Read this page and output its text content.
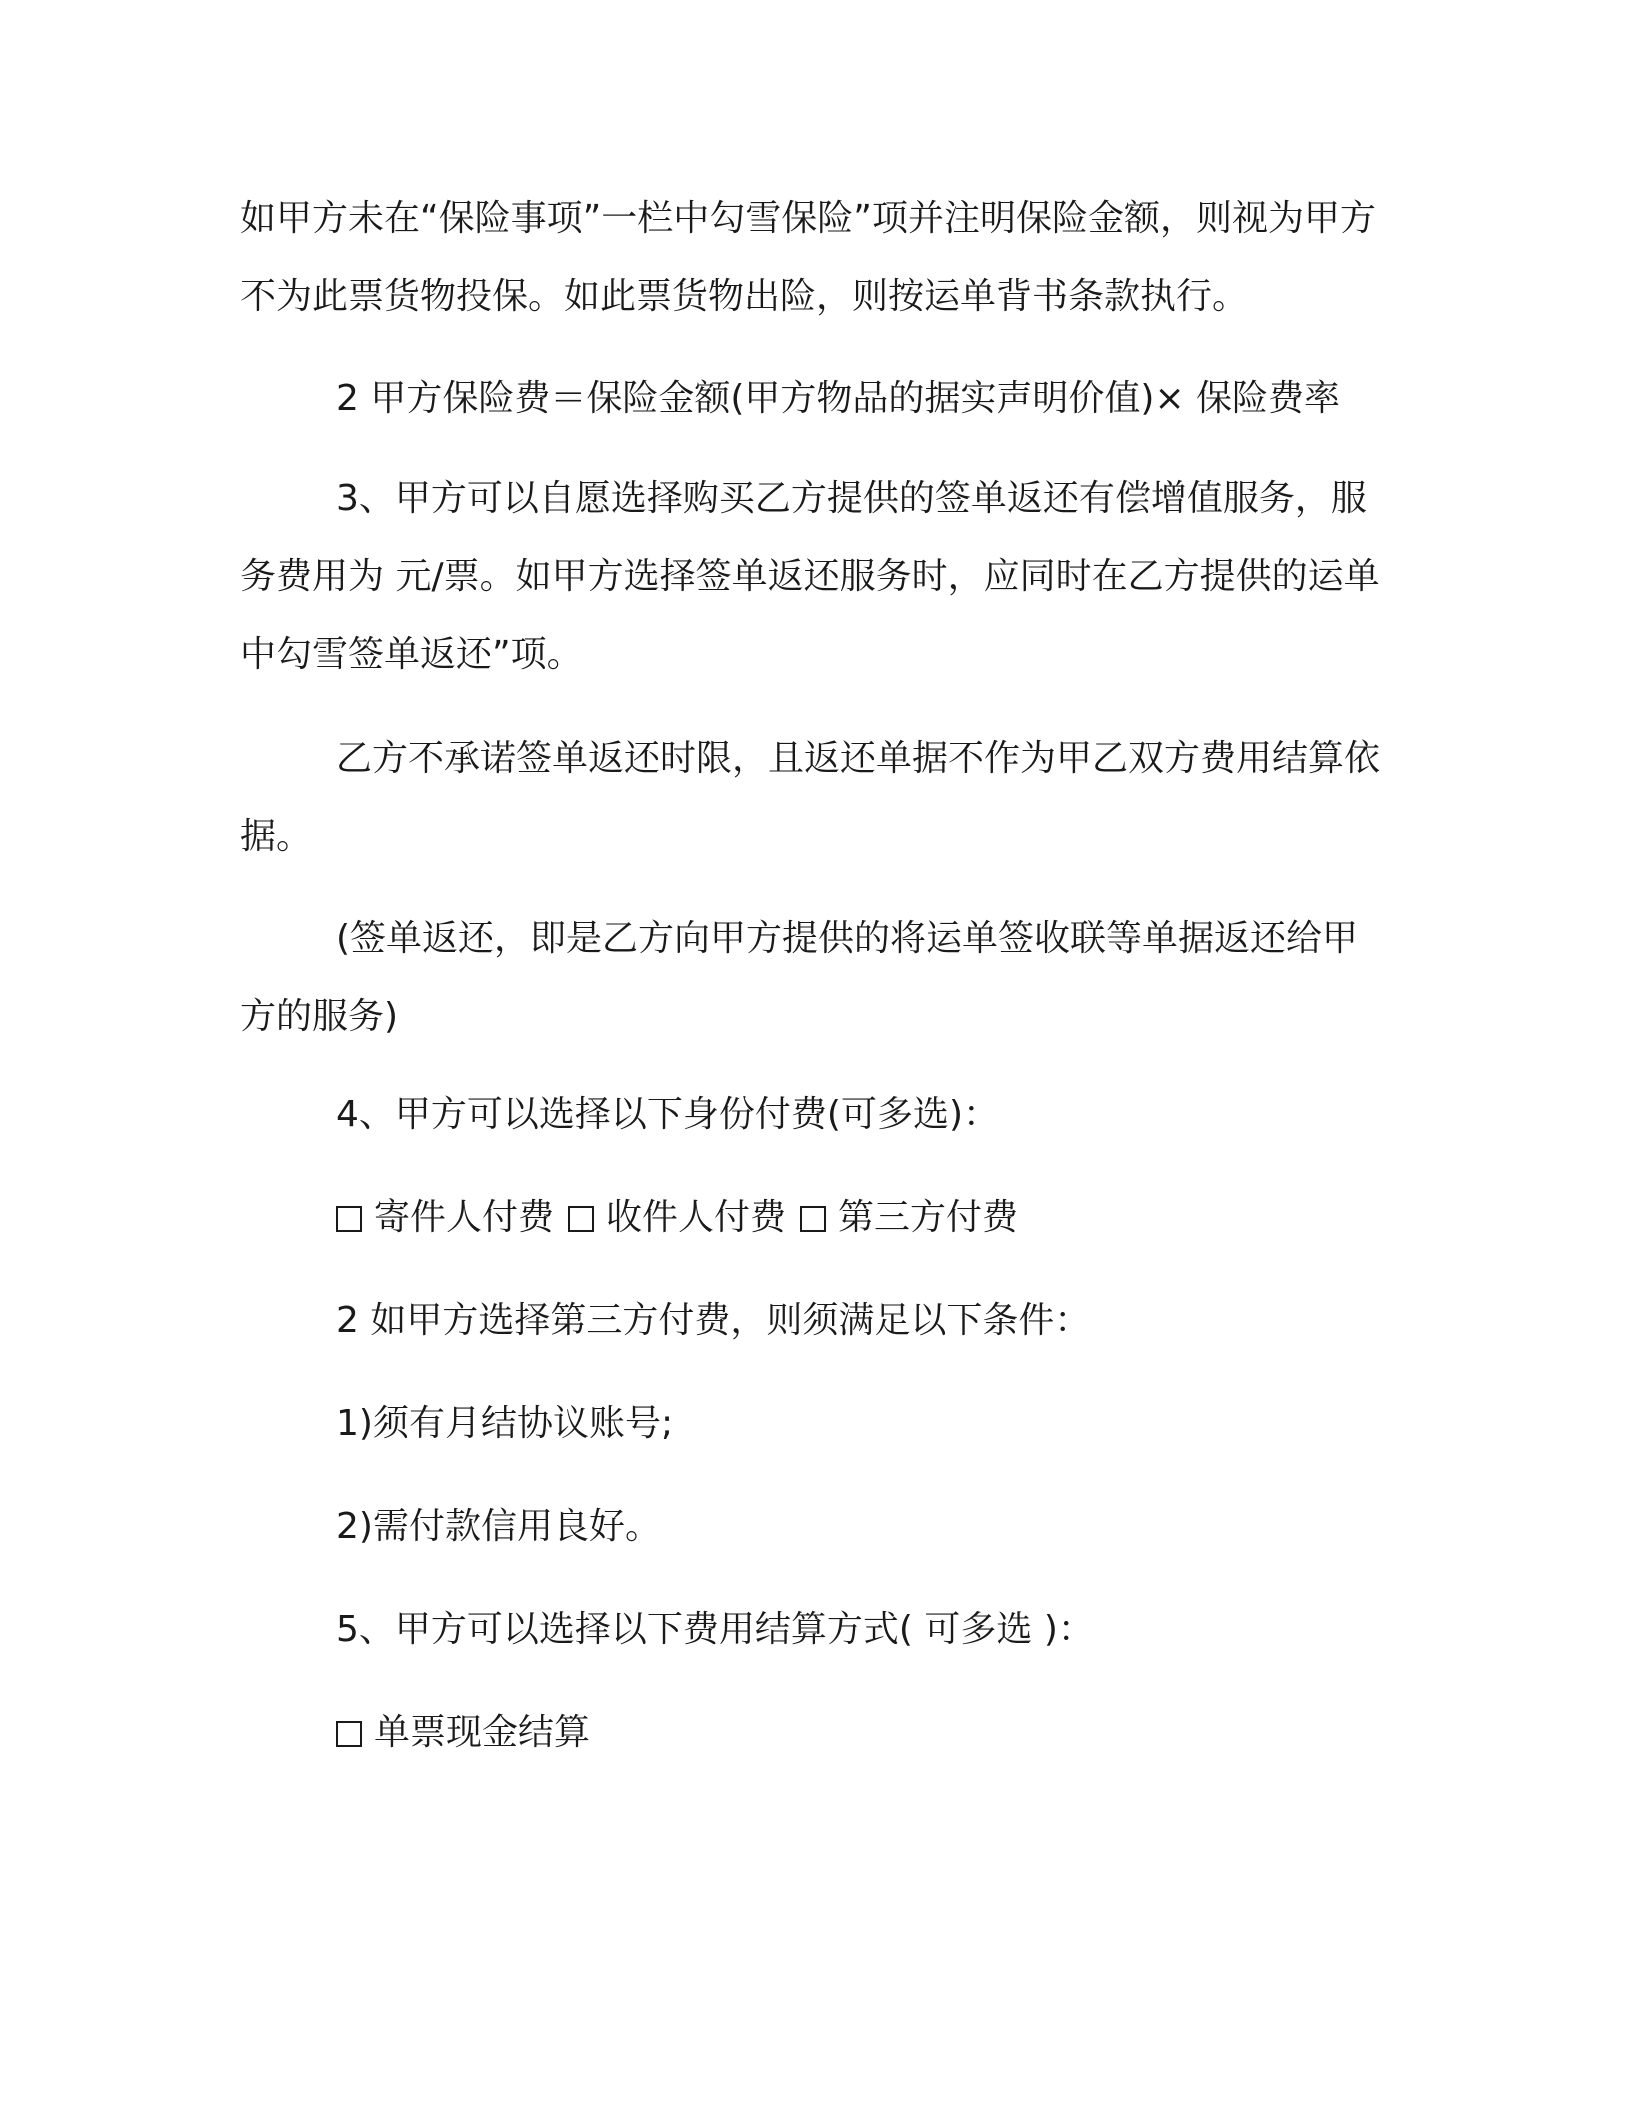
如甲方未在“保险事项”一栏中勾雪保险”项并注明保险金额，则视为甲方不为此票货物投保。如此票货物出险，则按运单背书条款执行。

2 甲方保险费＝保险金额(甲方物品的据实声明价值)× 保险费率

3、甲方可以自愿选择购买乙方提供的签单返还有偿增值服务，服务费用为 元/票。如甲方选择签单返还服务时，应同时在乙方提供的运单中勾雪签单返还”项。

乙方不承诺签单返还时限，且返还单据不作为甲乙双方费用结算依据。

(签单返还，即是乙方向甲方提供的将运单签收联等单据返还给甲方的服务)

4、甲方可以选择以下身份付费(可多选)：

寄件人付费 收件人付费 第三方付费

2 如甲方选择第三方付费，则须满足以下条件：

1)须有月结协议账号;

2)需付款信用良好。

5、甲方可以选择以下费用结算方式( 可多选 )：

单票现金结算
